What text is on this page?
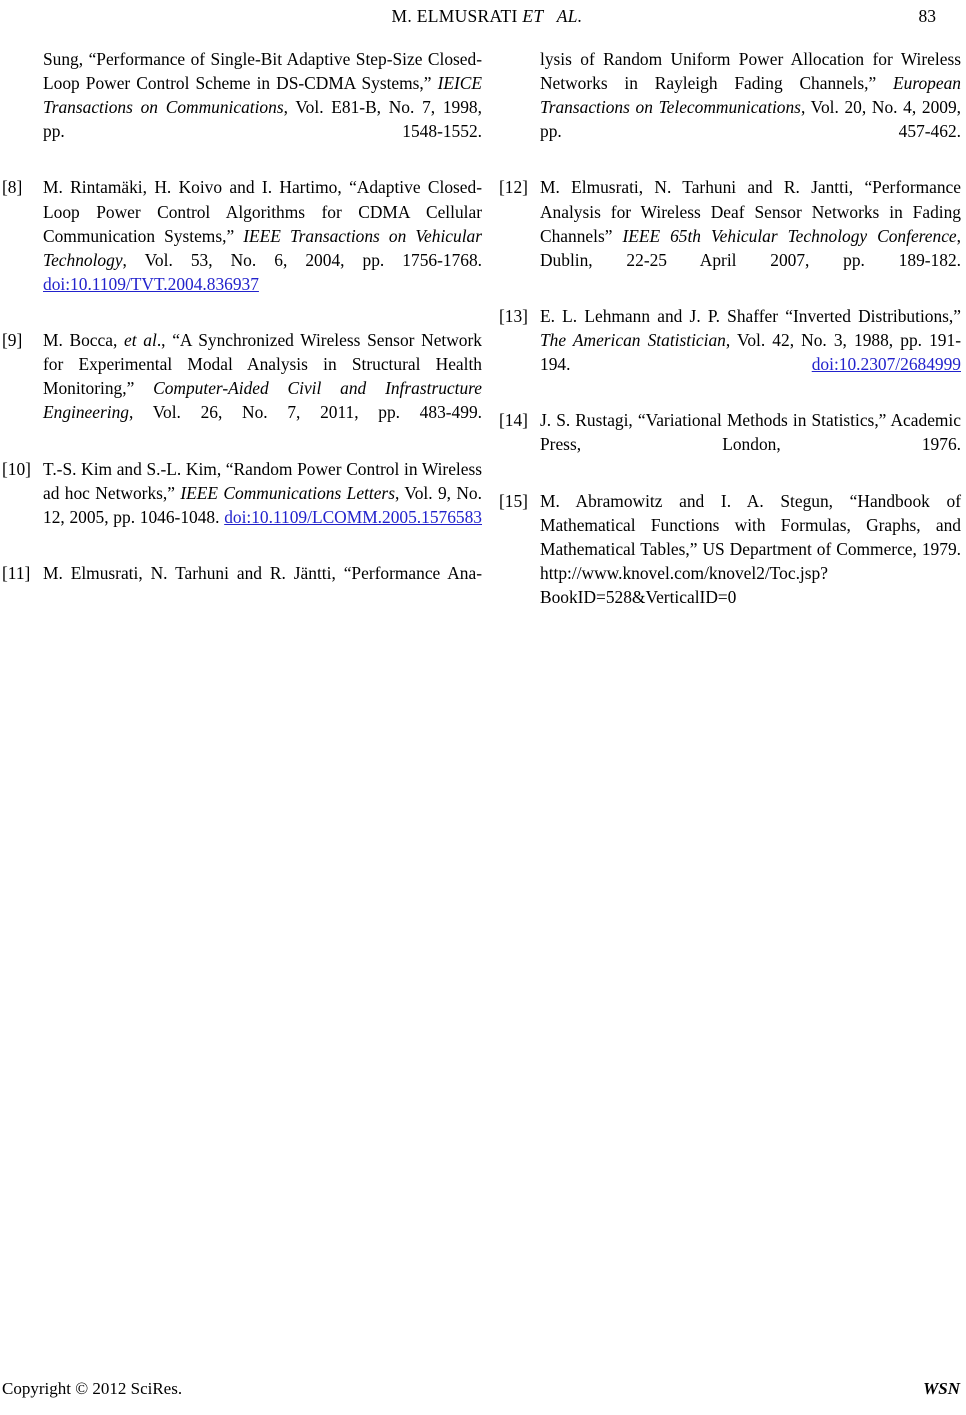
M. ELMUSRATI ET   AL.	83
Sung, “Performance of Single-Bit Adaptive Step-Size Closed-Loop Power Control Scheme in DS-CDMA Systems,” IEICE Transactions on Communications, Vol. E81-B, No. 7, 1998, pp. 1548-1552.
[8]	M. Rintamäki, H. Koivo and I. Hartimo, “Adaptive Closed-Loop Power Control Algorithms for CDMA Cellular Communication Systems,” IEEE Transactions on Vehicular Technology, Vol. 53, No. 6, 2004, pp. 1756-1768. doi:10.1109/TVT.2004.836937
[9]	M. Bocca, et al., “A Synchronized Wireless Sensor Network for Experimental Modal Analysis in Structural Health Monitoring,” Computer-Aided Civil and Infrastructure Engineering, Vol. 26, No. 7, 2011, pp. 483-499.
[10] T.-S. Kim and S.-L. Kim, “Random Power Control in Wireless ad hoc Networks,” IEEE Communications Letters, Vol. 9, No. 12, 2005, pp. 1046-1048. doi:10.1109/LCOMM.2005.1576583
[11] M. Elmusrati, N. Tarhuni and R. Jäntti, “Performance Ana-
lysis of Random Uniform Power Allocation for Wireless Networks in Rayleigh Fading Channels,” European Transactions on Telecommunications, Vol. 20, No. 4, 2009, pp. 457-462.
[12] M. Elmusrati, N. Tarhuni and R. Jantti, “Performance Analysis for Wireless Deaf Sensor Networks in Fading Channels” IEEE 65th Vehicular Technology Conference, Dublin, 22-25 April 2007, pp. 189-182.
[13] E. L. Lehmann and J. P. Shaffer “Inverted Distributions,” The American Statistician, Vol. 42, No. 3, 1988, pp. 191-194. doi:10.2307/2684999
[14] J. S. Rustagi, “Variational Methods in Statistics,” Academic Press, London, 1976.
[15] M. Abramowitz and I. A. Stegun, “Handbook of Mathematical Functions with Formulas, Graphs, and Mathematical Tables,” US Department of Commerce, 1979. http://www.knovel.com/knovel2/Toc.jsp?BookID=528&VerticalID=0
Copyright © 2012 SciRes.	WSN
